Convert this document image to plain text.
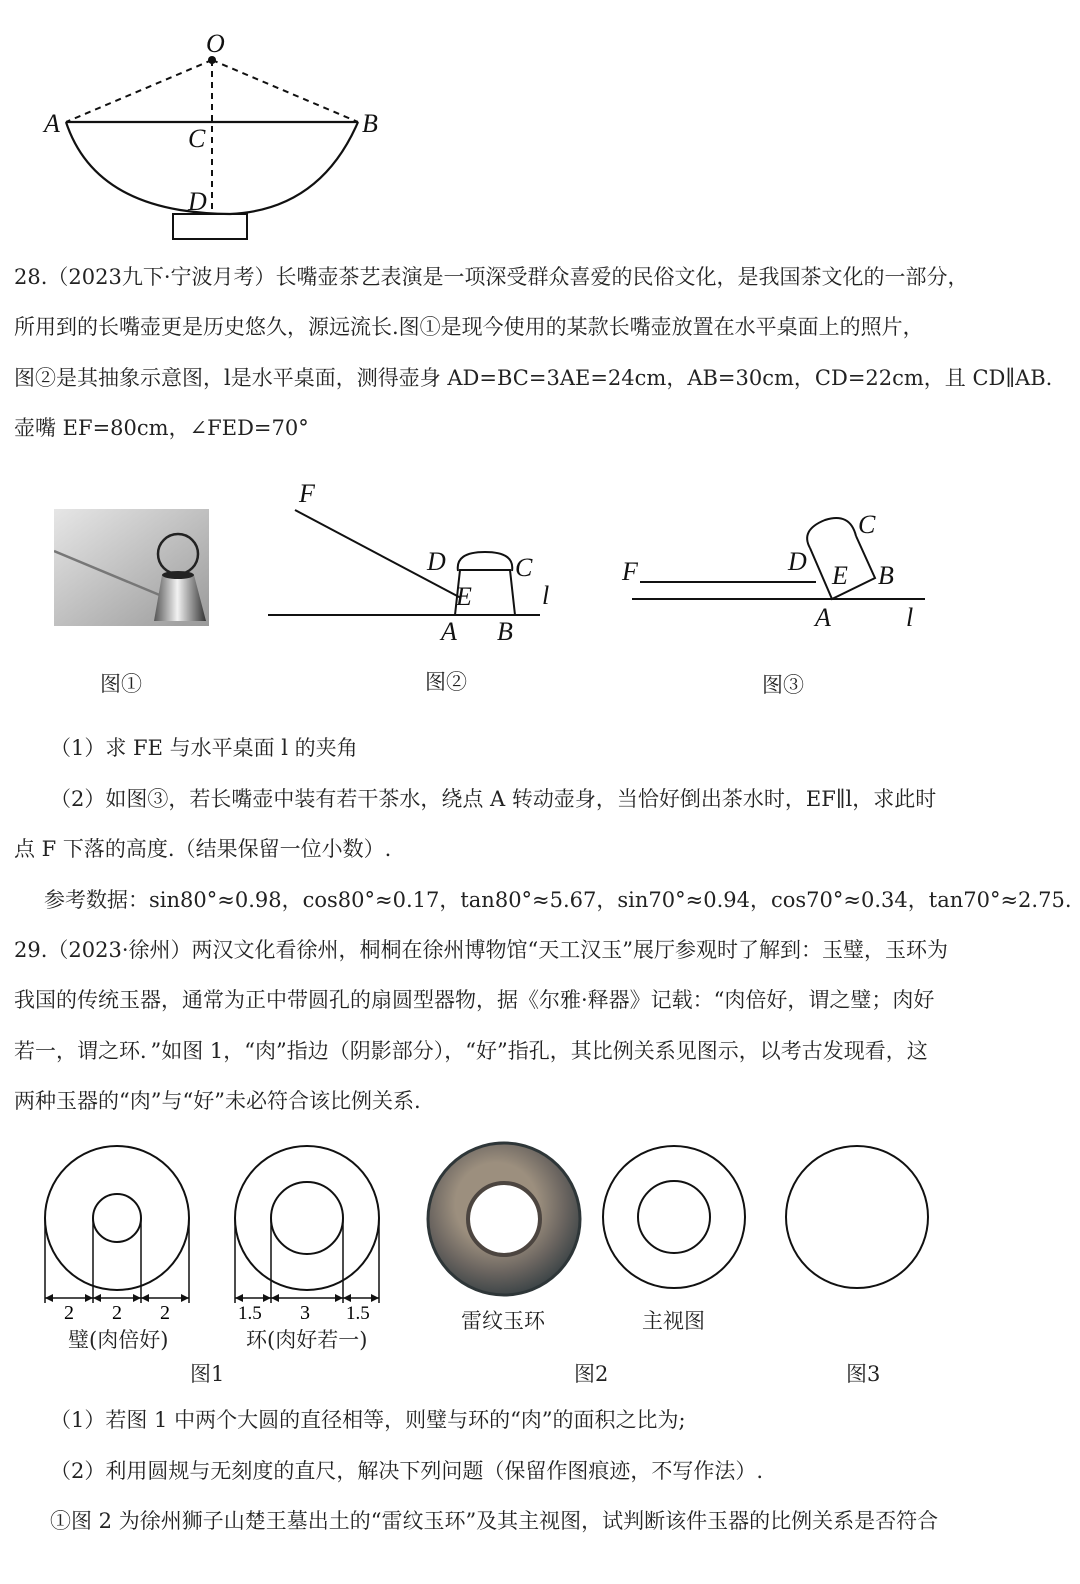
O
A	B
C
D
28.（2023九下·宁波月考）长嘴壶茶艺表演是一项深受群众喜爱的民俗文化，是我国茶文化的一部分，
所用到的长嘴壶更是历史悠久，源远流长.图①是现今使用的某款长嘴壶放置在水平桌面上的照片，
图②是其抽象示意图，l是水平桌面，测得壶身 AD=BC=3AE=24cm，AB=30cm，CD=22cm，且 CD∥AB.
壶嘴 EF=80cm，∠FED=70°
F
D	C
E
A B
l
F	D
C
E B
A	l
图①	图②	图③
（1）求 FE 与水平桌面 l 的夹角
（2）如图③，若长嘴壶中装有若干茶水，绕点 A 转动壶身，当恰好倒出茶水时，EF∥l，求此时
点 F 下落的高度.（结果保留一位小数）.
参考数据：sin80°≈0.98，cos80°≈0.17，tan80°≈5.67，sin70°≈0.94，cos70°≈0.34，tan70°≈2.75.
29.（2023·徐州）两汉文化看徐州，桐桐在徐州博物馆“天工汉玉”展厅参观时了解到：玉璧，玉环为
我国的传统玉器，通常为正中带圆孔的扇圆型器物，据《尔雅·释器》记载：“肉倍好，谓之璧；肉好
若一，谓之环．”如图 1，“肉”指边（阴影部分），“好”指孔，其比例关系见图示，以考古发现看，这
两种玉器的“肉”与“好”未必符合该比例关系.
2 2 2
璧(肉倍好)
1.5 3 1.5
环(肉好若一)
雷纹玉环	主视图
图1	图2	图3
（1）若图 1 中两个大圆的直径相等，则璧与环的“肉”的面积之比为;
（2）利用圆规与无刻度的直尺，解决下列问题（保留作图痕迹，不写作法）.
①图 2 为徐州狮子山楚王墓出土的“雷纹玉环”及其主视图，试判断该件玉器的比例关系是否符合
